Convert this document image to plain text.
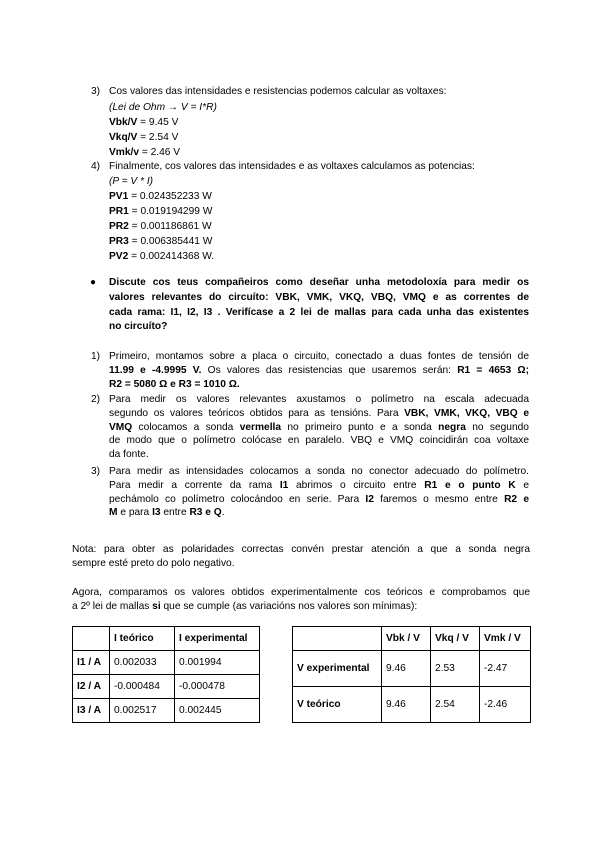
3) Cos valores das intensidades e resistencias podemos calcular as voltaxes:
(Lei de Ohm → V = I*R)
Vbk/V = 9.45 V
Vkq/V = 2.54 V
Vmk/v = 2.46 V
4) Finalmente, cos valores das intensidades e as voltaxes calculamos as potencias:
(P = V * I)
PV1 = 0.024352233 W
PR1 = 0.019194299 W
PR2 = 0.001186861 W
PR3 = 0.006385441 W
PV2 = 0.002414368 W.
● Discute cos teus compañeiros como deseñar unha metodoloxía para medir os
valores relevantes do circuíto: VBK, VMK, VKQ, VBQ, VMQ e as correntes de
cada rama: I1, I2, I3 . Verifícase a 2 lei de mallas para cada unha das existentes
no circuíto?
1) Primeiro, montamos sobre a placa o circuito, conectado a duas fontes de tensión de
11.99 e -4.9995 V. Os valores das resistencias que usaremos serán: R1 = 4653 Ω;
R2 = 5080 Ω e R3 = 1010 Ω.
2) Para medir os valores relevantes axustamos o polímetro na escala adecuada
segundo os valores teóricos obtidos para as tensións. Para VBK, VMK, VKQ, VBQ e
VMQ colocamos a sonda vermella no primeiro punto e a sonda negra no segundo
de modo que o polímetro colócase en paralelo. VBQ e VMQ coincidirán coa voltaxe
da fonte.
3) Para medir as intensidades colocamos a sonda no conector adecuado do polímetro.
Para medir a corrente da rama I1 abrimos o circuito entre R1 e o punto K e
pechámolo co polímetro colocándoo en serie. Para I2 faremos o mesmo entre R2 e
M e para I3 entre R3 e Q.
Nota: para obter as polaridades correctas convén prestar atención a que a sonda negra
sempre esté preto do polo negativo.
Agora, comparamos os valores obtidos experimentalmente cos teóricos e comprobamos que
a 2º lei de mallas si que se cumple (as variacións nos valores son mínimas):
	I teórico	I experimental
I1 / A	0.002033	0.001994
I2 / A	-0.000484	-0.000478
I3 / A	0.002517	0.002445
	Vbk / V	Vkq / V	Vmk / V
V experimental	9.46	2.53	-2.47
V teórico	9.46	2.54	-2.46
